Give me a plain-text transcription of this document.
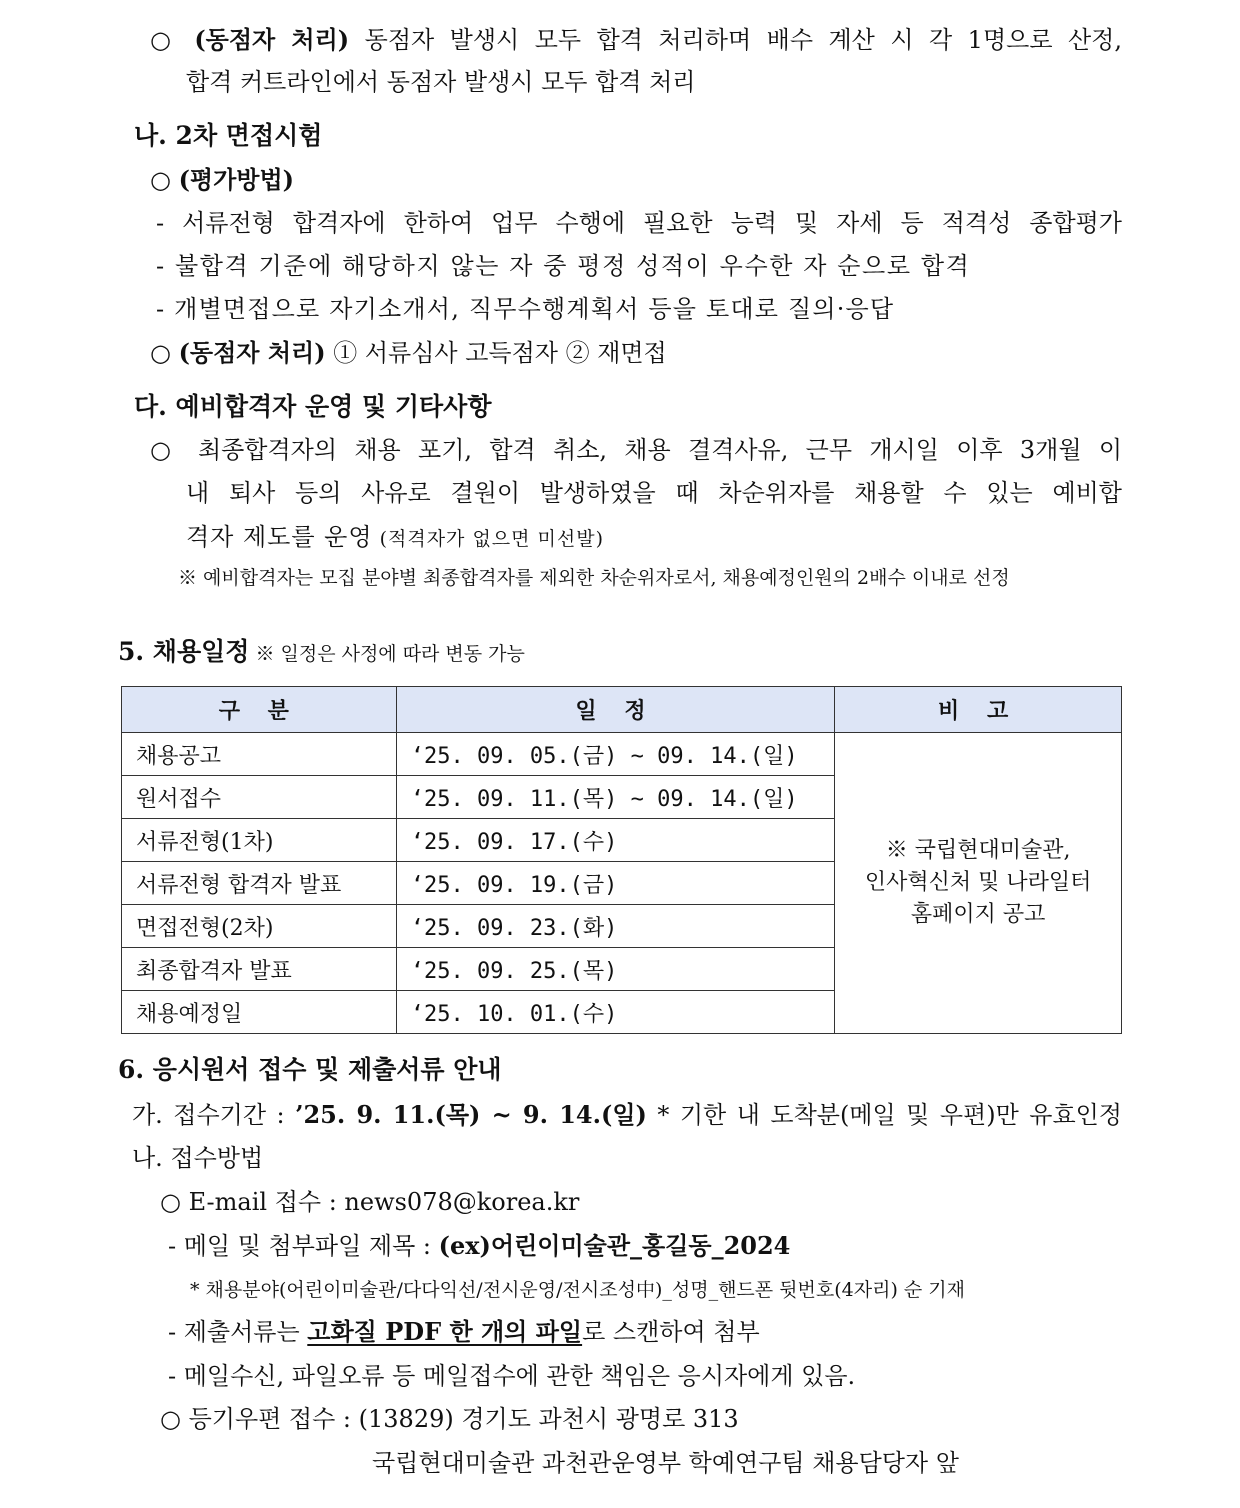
○ (동점자 처리) 동점자 발생시 모두 합격 처리하며 배수 계산 시 각 1명으로 산정,
합격 커트라인에서 동점자 발생시 모두 합격 처리
나. 2차 면접시험
○ (평가방법)
- 서류전형 합격자에 한하여 업무 수행에 필요한 능력 및 자세 등 적격성 종합평가
- 불합격 기준에 해당하지 않는 자 중 평정 성적이 우수한 자 순으로 합격
- 개별면접으로 자기소개서, 직무수행계획서 등을 토대로 질의·응답
○ (동점자 처리) ① 서류심사 고득점자 ② 재면접
다. 예비합격자 운영 및 기타사항
○ 최종합격자의 채용 포기, 합격 취소, 채용 결격사유, 근무 개시일 이후 3개월 이
내 퇴사 등의 사유로 결원이 발생하였을 때 차순위자를 채용할 수 있는 예비합
격자 제도를 운영 (적격자가 없으면 미선발)
※ 예비합격자는 모집 분야별 최종합격자를 제외한 차순위자로서, 채용예정인원의 2배수 이내로 선정
5. 채용일정 ※ 일정은 사정에 따라 변동 가능
구 분	일 정	비 고
채용공고	‘25. 09. 05.(금) ~ 09. 14.(일)	※ 국립현대미술관,
인사혁신처 및 나라일터
홈페이지 공고

원서접수	‘25. 09. 11.(목) ~ 09. 14.(일)	
서류전형(1차)	‘25. 09. 17.(수)	
서류전형 합격자 발표	‘25. 09. 19.(금)	
면접전형(2차)	‘25. 09. 23.(화)	
최종합격자 발표	‘25. 09. 25.(목)	
채용예정일	‘25. 10. 01.(수)	
6. 응시원서 접수 및 제출서류 안내
가. 접수기간 : ’25. 9. 11.(목) ~ 9. 14.(일) * 기한 내 도착분(메일 및 우편)만 유효인정
나. 접수방법
○ E-mail 접수 : news078@korea.kr
- 메일 및 첨부파일 제목 : (ex)어린이미술관_홍길동_2024
* 채용분야(어린이미술관/다다익선/전시운영/전시조성中)_성명_핸드폰 뒷번호(4자리) 순 기재
- 제출서류는 고화질 PDF 한 개의 파일로 스캔하여 첨부
- 메일수신, 파일오류 등 메일접수에 관한 책임은 응시자에게 있음.
○ 등기우편 접수 : (13829) 경기도 과천시 광명로 313
국립현대미술관 과천관운영부 학예연구팀 채용담당자 앞
